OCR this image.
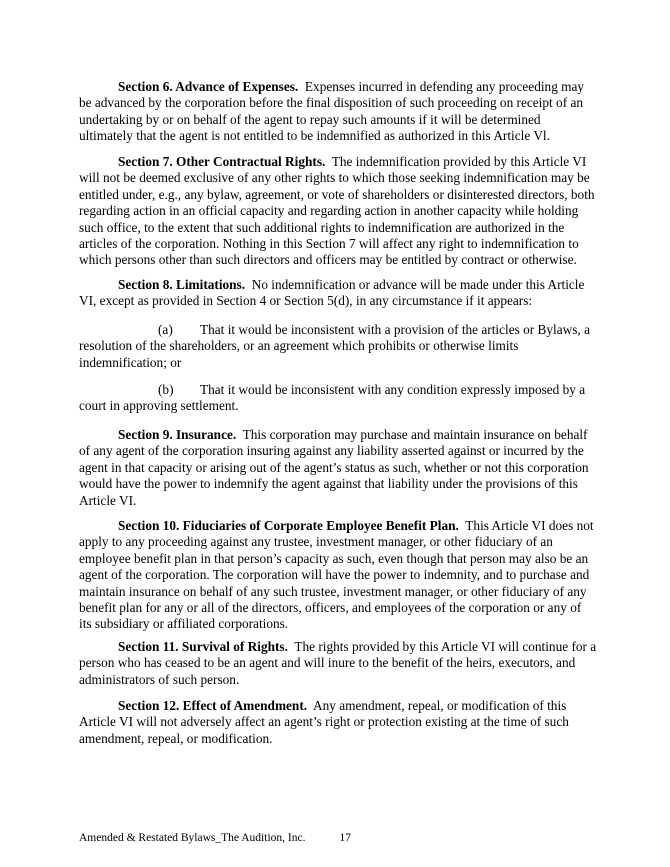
Section 6. Advance of Expenses. Expenses incurred in defending any proceeding may be advanced by the corporation before the final disposition of such proceeding on receipt of an undertaking by or on behalf of the agent to repay such amounts if it will be determined ultimately that the agent is not entitled to be indemnified as authorized in this Article Vl.

Section 7. Other Contractual Rights. The indemnification provided by this Article VI will not be deemed exclusive of any other rights to which those seeking indemnification may be entitled under, e.g., any bylaw, agreement, or vote of shareholders or disinterested directors, both regarding action in an official capacity and regarding action in another capacity while holding such office, to the extent that such additional rights to indemnification are authorized in the articles of the corporation. Nothing in this Section 7 will affect any right to indemnification to which persons other than such directors and officers may be entitled by contract or otherwise.

Section 8. Limitations. No indemnification or advance will be made under this Article VI, except as provided in Section 4 or Section 5(d), in any circumstance if it appears:

(a) That it would be inconsistent with a provision of the articles or Bylaws, a resolution of the shareholders, or an agreement which prohibits or otherwise limits indemnification; or

(b) That it would be inconsistent with any condition expressly imposed by a court in approving settlement.

Section 9. Insurance. This corporation may purchase and maintain insurance on behalf of any agent of the corporation insuring against any liability asserted against or incurred by the agent in that capacity or arising out of the agent’s status as such, whether or not this corporation would have the power to indemnify the agent against that liability under the provisions of this Article VI.

Section 10. Fiduciaries of Corporate Employee Benefit Plan. This Article VI does not apply to any proceeding against any trustee, investment manager, or other fiduciary of an employee benefit plan in that person’s capacity as such, even though that person may also be an agent of the corporation. The corporation will have the power to indemnity, and to purchase and maintain insurance on behalf of any such trustee, investment manager, or other fiduciary of any benefit plan for any or all of the directors, officers, and employees of the corporation or any of its subsidiary or affiliated corporations.

Section 11. Survival of Rights. The rights provided by this Article VI will continue for a person who has ceased to be an agent and will inure to the benefit of the heirs, executors, and administrators of such person.

Section 12. Effect of Amendment. Any amendment, repeal, or modification of this Article VI will not adversely affect an agent’s right or protection existing at the time of such amendment, repeal, or modification.

Amended & Restated Bylaws_The Audition, Inc.	17
